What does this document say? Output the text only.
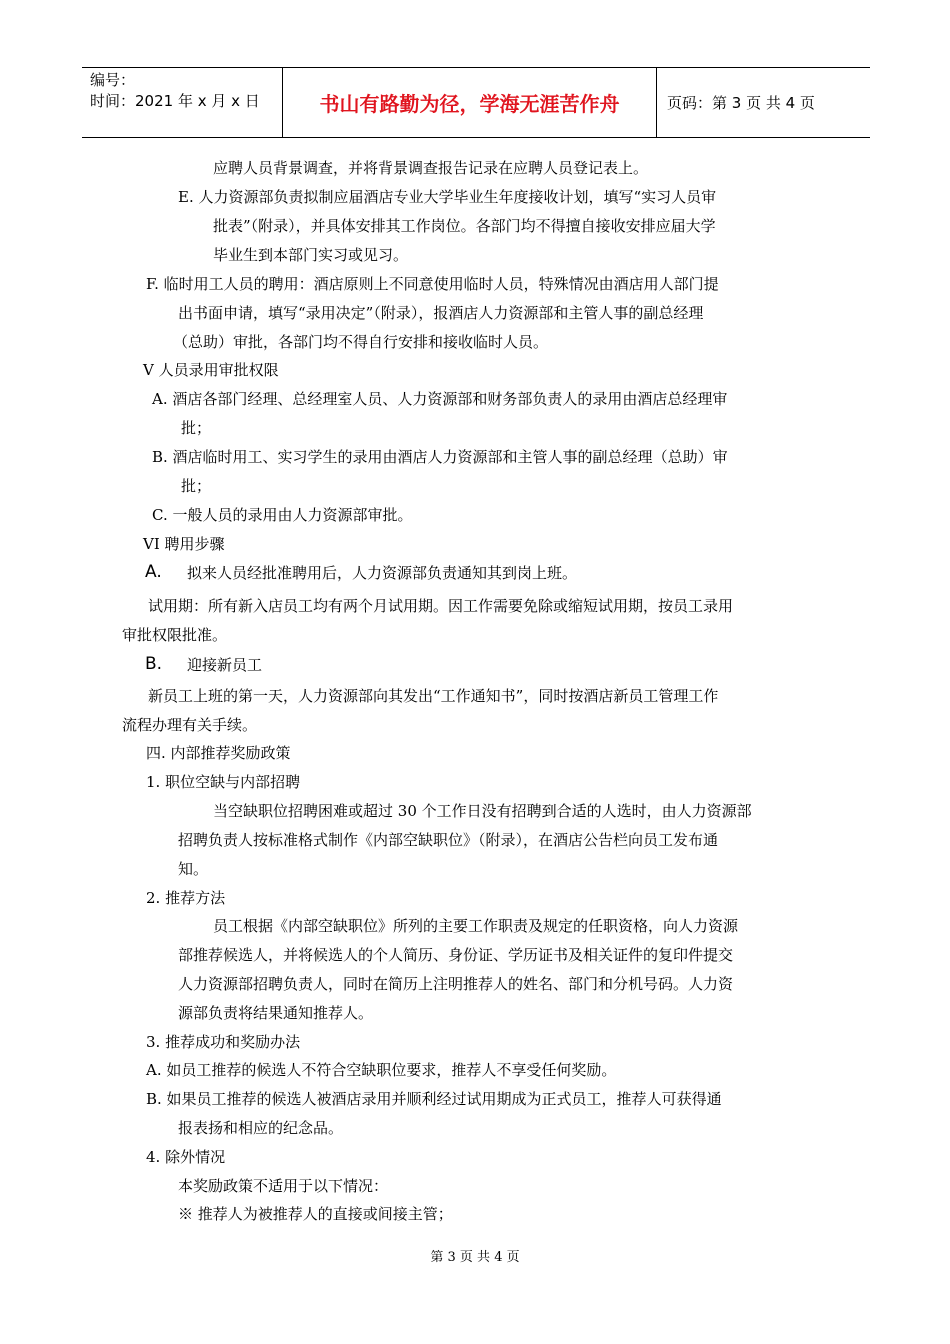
编号：
时间：2021 年 x 月 x 日	书山有路勤为径，学海无涯苦作舟	页码：第 3 页 共 4 页
应聘人员背景调查，并将背景调查报告记录在应聘人员登记表上。
E. 人力资源部负责拟制应届酒店专业大学毕业生年度接收计划，填写“实习人员审
批表”（附录），并具体安排其工作岗位。各部门均不得擅自接收安排应届大学
毕业生到本部门实习或见习。
F. 临时用工人员的聘用：酒店原则上不同意使用临时人员，特殊情况由酒店用人部门提
出书面申请，填写“录用决定”（附录），报酒店人力资源部和主管人事的副总经理
（总助）审批，各部门均不得自行安排和接收临时人员。
V 人员录用审批权限
A. 酒店各部门经理、总经理室人员、人力资源部和财务部负责人的录用由酒店总经理审
批；
B. 酒店临时用工、实习学生的录用由酒店人力资源部和主管人事的副总经理（总助）审
批；
C. 一般人员的录用由人力资源部审批。
VI 聘用步骤
A. 拟来人员经批准聘用后，人力资源部负责通知其到岗上班。
试用期：所有新入店员工均有两个月试用期。因工作需要免除或缩短试用期，按员工录用
审批权限批准。
B. 迎接新员工
新员工上班的第一天，人力资源部向其发出“工作通知书”，同时按酒店新员工管理工作
流程办理有关手续。
四. 内部推荐奖励政策
1. 职位空缺与内部招聘
当空缺职位招聘困难或超过 30 个工作日没有招聘到合适的人选时，由人力资源部
招聘负责人按标准格式制作《内部空缺职位》（附录），在酒店公告栏向员工发布通
知。
2. 推荐方法
员工根据《内部空缺职位》所列的主要工作职责及规定的任职资格，向人力资源
部推荐候选人，并将候选人的个人简历、身份证、学历证书及相关证件的复印件提交
人力资源部招聘负责人，同时在简历上注明推荐人的姓名、部门和分机号码。人力资
源部负责将结果通知推荐人。
3. 推荐成功和奖励办法
A. 如员工推荐的候选人不符合空缺职位要求，推荐人不享受任何奖励。
B. 如果员工推荐的候选人被酒店录用并顺利经过试用期成为正式员工，推荐人可获得通
报表扬和相应的纪念品。
4. 除外情况
本奖励政策不适用于以下情况：
※ 推荐人为被推荐人的直接或间接主管；
第 3 页 共 4 页
